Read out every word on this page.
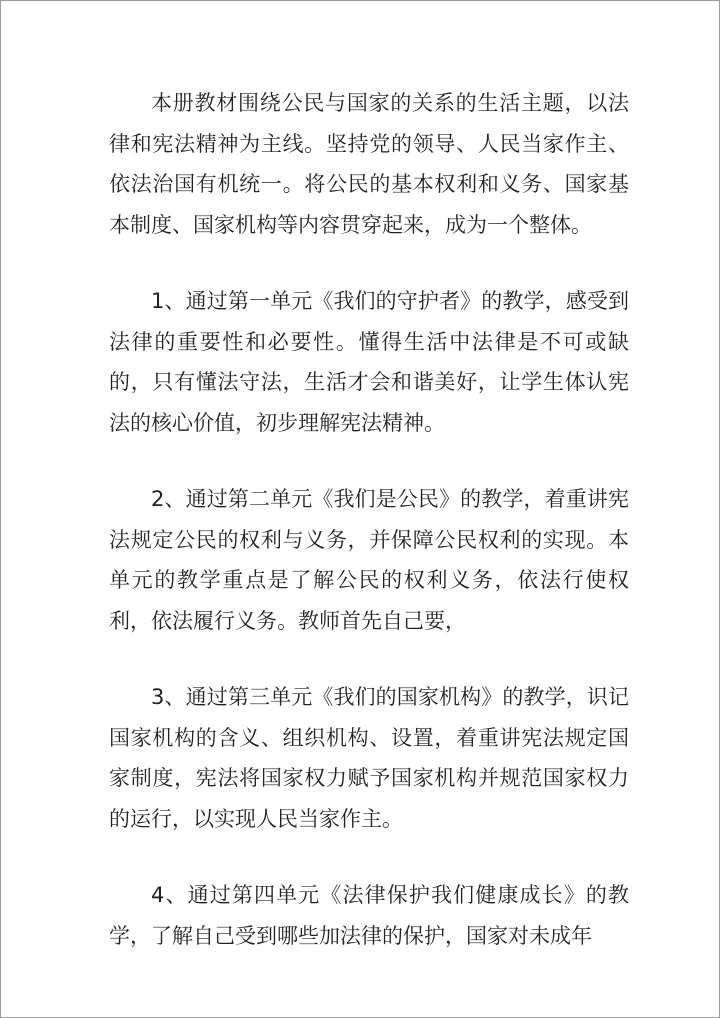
本册教材围绕公民与国家的关系的生活主题，以法律和宪法精神为主线。坚持党的领导、人民当家作主、依法治国有机统一。将公民的基本权利和义务、国家基本制度、国家机构等内容贯穿起来，成为一个整体。

1、通过第一单元《我们的守护者》的教学，感受到法律的重要性和必要性。懂得生活中法律是不可或缺的，只有懂法守法，生活才会和谐美好，让学生体认宪法的核心价值，初步理解宪法精神。

2、通过第二单元《我们是公民》的教学，着重讲宪法规定公民的权利与义务，并保障公民权利的实现。本单元的教学重点是了解公民的权利义务，依法行使权利，依法履行义务。教师首先自己要，

3、通过第三单元《我们的国家机构》的教学，识记国家机构的含义、组织机构、设置，着重讲宪法规定国家制度，宪法将国家权力赋予国家机构并规范国家权力的运行，以实现人民当家作主。

4、通过第四单元《法律保护我们健康成长》的教学，了解自己受到哪些加法律的保护，国家对未成年
